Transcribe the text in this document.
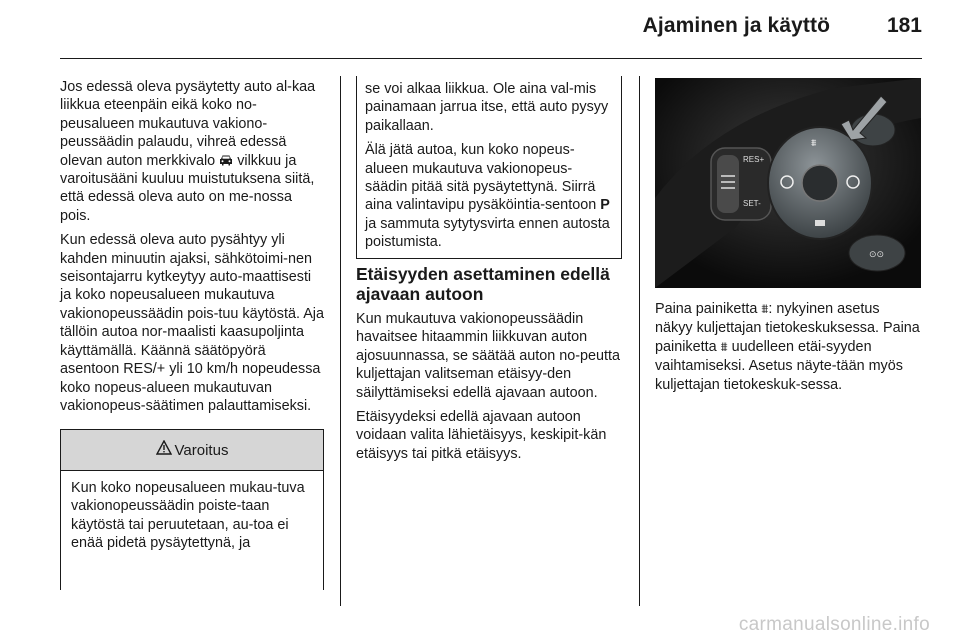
Ajaminen ja käyttö	181

Jos edessä oleva pysäytetty auto al-kaa liikkua eteenpäin eikä koko no-peusalueen mukautuva vakiono-peussäädin palaudu, vihreä edessä olevan auton merkkivalo vilkkuu ja varoitusääni kuuluu muistutuksena siitä, että edessä oleva auto on me-nossa pois.

Kun edessä oleva auto pysähtyy yli kahden minuutin ajaksi, sähkötoimi-nen seisontajarru kytkeytyy auto-maattisesti ja koko nopeusalueen mukautuva vakionopeussäädin pois-tuu käytöstä. Aja tällöin autoa nor-maalisti kaasupoljinta käyttämällä. Käännä säätöpyörä asentoon RES/+ yli 10 km/h nopeudessa koko nopeus-alueen mukautuvan vakionopeus-säätimen palauttamiseksi.

Varoitus
Kun koko nopeusalueen mukau-tuva vakionopeussäädin poiste-taan käytöstä tai peruutetaan, au-toa ei enää pidetä pysäytettynä, ja

se voi alkaa liikkua. Ole aina val-mis painamaan jarrua itse, että auto pysyy paikallaan.

Älä jätä autoa, kun koko nopeus-alueen mukautuva vakionopeus-säädin pitää sitä pysäytettynä. Siirrä aina valintavipu pysäköintia-sentoon P ja sammuta sytytysvirta ennen autosta poistumista.

Etäisyyden asettaminen edellä ajavaan autoon

Kun mukautuva vakionopeussäädin havaitsee hitaammin liikkuvan auton ajosuunnassa, se säätää auton no-peutta kuljettajan valitseman etäisyy-den säilyttämiseksi edellä ajavaan autoon.

Etäisyydeksi edellä ajavaan autoon voidaan valita lähietäisyys, keskipit-kän etäisyys tai pitkä etäisyys.

RES+
SET-
⩩
⊙⊙

Paina painiketta ⩩: nykyinen asetus näkyy kuljettajan tietokeskuksessa. Paina painiketta ⩩ uudelleen etäi-syyden vaihtamiseksi. Asetus näyte-tään myös kuljettajan tietokeskuk-sessa.

carmanualsonline.info
